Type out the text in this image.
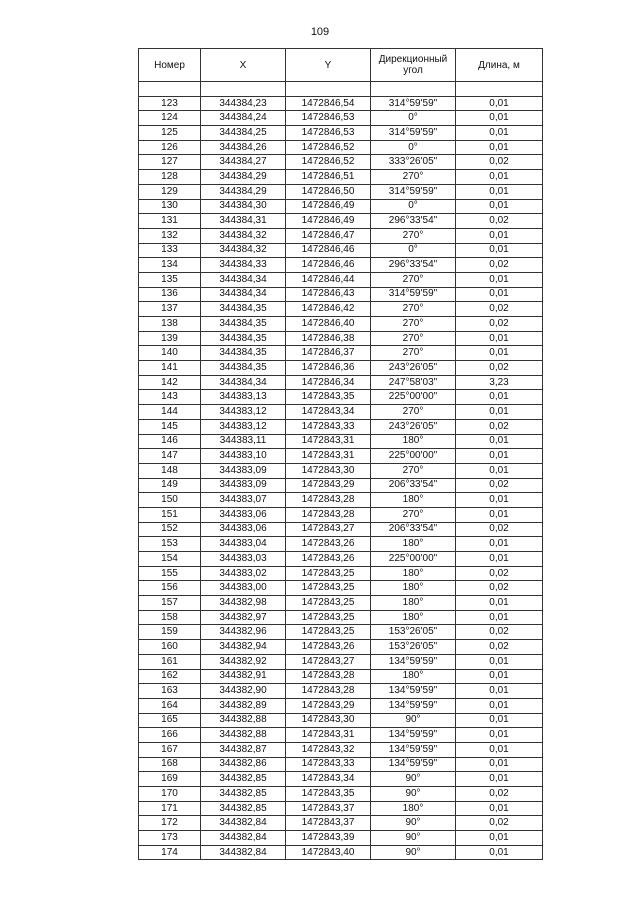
109
Номер	X	Y	Дирекционный угол	Длина, м

123	344384,23	1472846,54	314°59'59"	0,01
124	344384,24	1472846,53	0°	0,01
125	344384,25	1472846,53	314°59'59"	0,01
126	344384,26	1472846,52	0°	0,01
127	344384,27	1472846,52	333°26'05"	0,02
128	344384,29	1472846,51	270°	0,01
129	344384,29	1472846,50	314°59'59"	0,01
130	344384,30	1472846,49	0°	0,01
131	344384,31	1472846,49	296°33'54"	0,02
132	344384,32	1472846,47	270°	0,01
133	344384,32	1472846,46	0°	0,01
134	344384,33	1472846,46	296°33'54"	0,02
135	344384,34	1472846,44	270°	0,01
136	344384,34	1472846,43	314°59'59"	0,01
137	344384,35	1472846,42	270°	0,02
138	344384,35	1472846,40	270°	0,02
139	344384,35	1472846,38	270°	0,01
140	344384,35	1472846,37	270°	0,01
141	344384,35	1472846,36	243°26'05"	0,02
142	344384,34	1472846,34	247°58'03"	3,23
143	344383,13	1472843,35	225°00'00"	0,01
144	344383,12	1472843,34	270°	0,01
145	344383,12	1472843,33	243°26'05"	0,02
146	344383,11	1472843,31	180°	0,01
147	344383,10	1472843,31	225°00'00"	0,01
148	344383,09	1472843,30	270°	0,01
149	344383,09	1472843,29	206°33'54"	0,02
150	344383,07	1472843,28	180°	0,01
151	344383,06	1472843,28	270°	0,01
152	344383,06	1472843,27	206°33'54"	0,02
153	344383,04	1472843,26	180°	0,01
154	344383,03	1472843,26	225°00'00"	0,01
155	344383,02	1472843,25	180°	0,02
156	344383,00	1472843,25	180°	0,02
157	344382,98	1472843,25	180°	0,01
158	344382,97	1472843,25	180°	0,01
159	344382,96	1472843,25	153°26'05"	0,02
160	344382,94	1472843,26	153°26'05"	0,02
161	344382,92	1472843,27	134°59'59"	0,01
162	344382,91	1472843,28	180°	0,01
163	344382,90	1472843,28	134°59'59"	0,01
164	344382,89	1472843,29	134°59'59"	0,01
165	344382,88	1472843,30	90°	0,01
166	344382,88	1472843,31	134°59'59"	0,01
167	344382,87	1472843,32	134°59'59"	0,01
168	344382,86	1472843,33	134°59'59"	0,01
169	344382,85	1472843,34	90°	0,01
170	344382,85	1472843,35	90°	0,02
171	344382,85	1472843,37	180°	0,01
172	344382,84	1472843,37	90°	0,02
173	344382,84	1472843,39	90°	0,01
174	344382,84	1472843,40	90°	0,01
